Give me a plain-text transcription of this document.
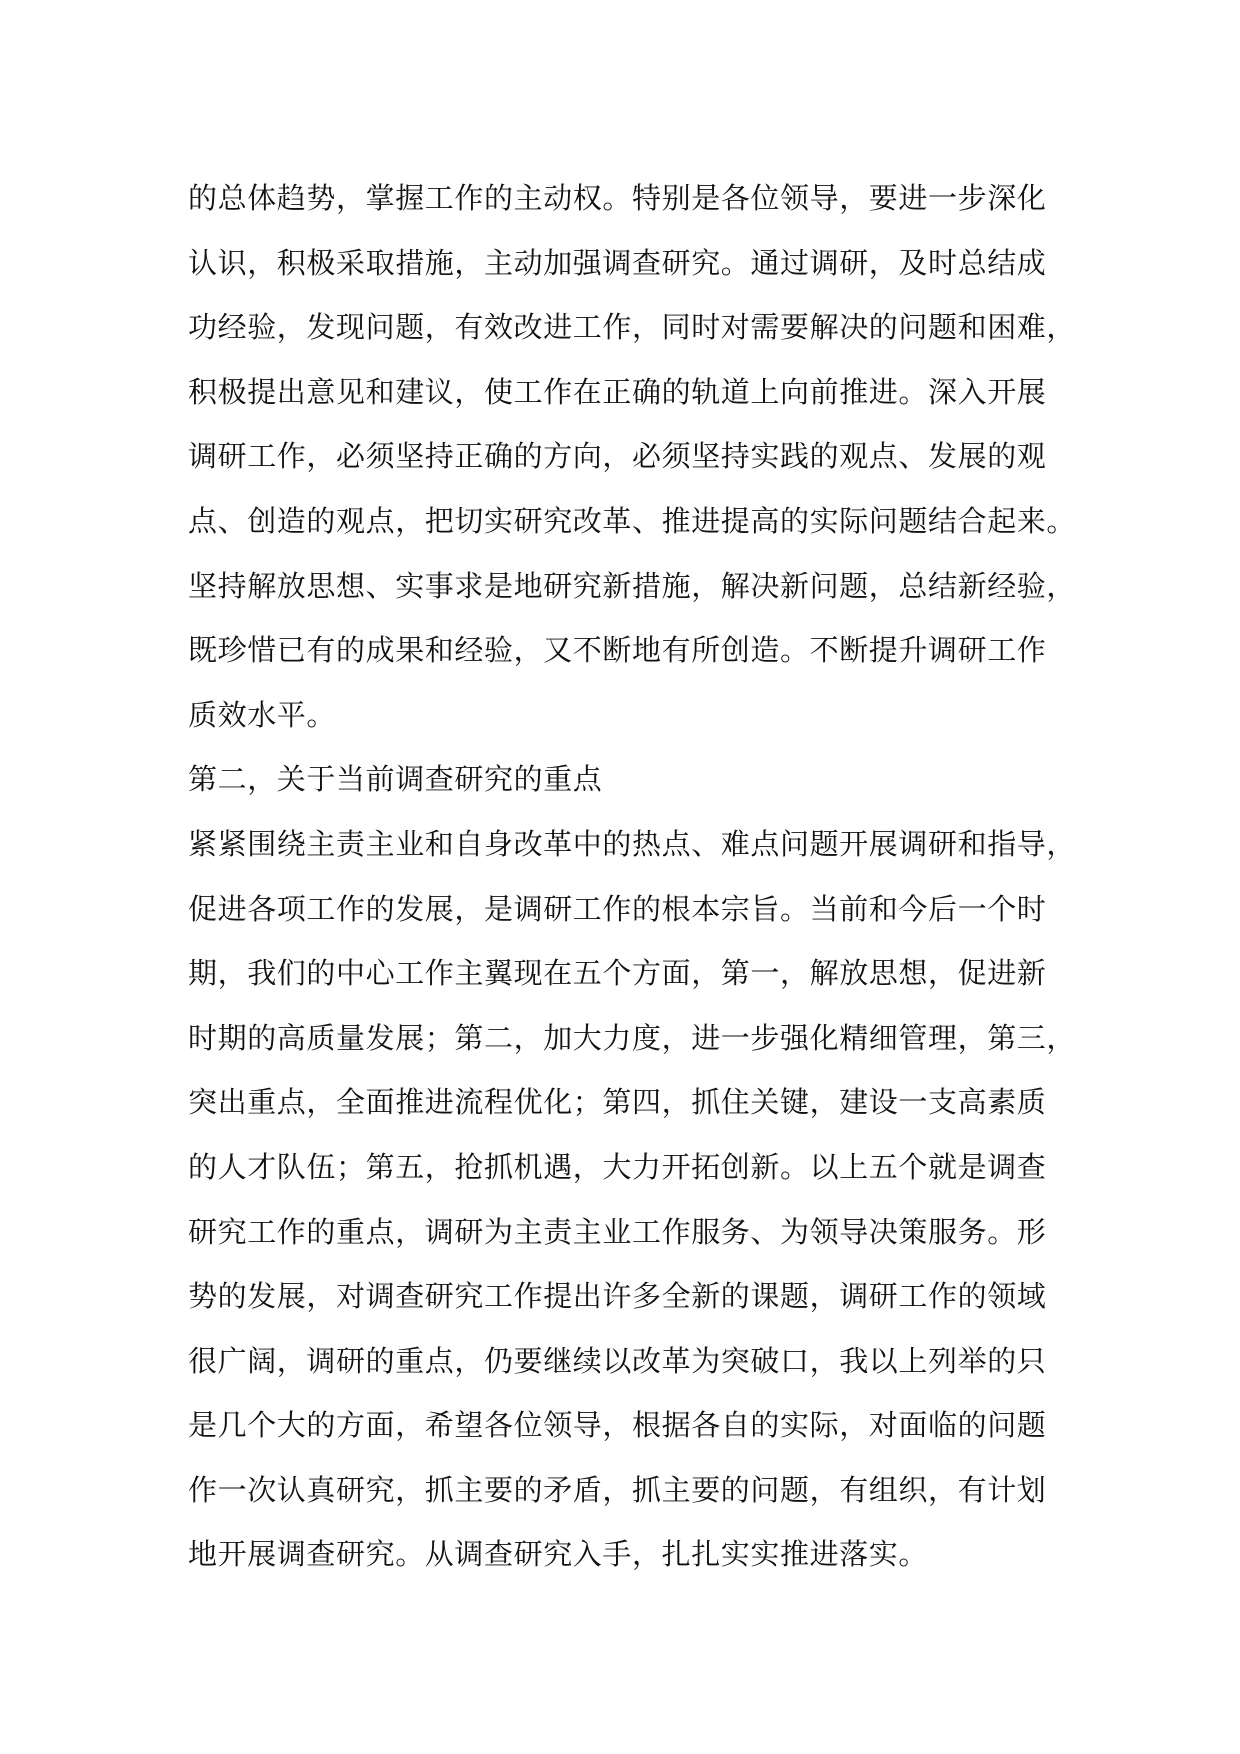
的总体趋势，掌握工作的主动权。特别是各位领导，要进一步深化
认识，积极采取措施，主动加强调查研究。通过调研，及时总结成
功经验，发现问题，有效改进工作，同时对需要解决的问题和困难，
积极提出意见和建议，使工作在正确的轨道上向前推进。深入开展
调研工作，必须坚持正确的方向，必须坚持实践的观点、发展的观
点、创造的观点，把切实研究改革、推进提高的实际问题结合起来。
坚持解放思想、实事求是地研究新措施，解决新问题，总结新经验，
既珍惜已有的成果和经验，又不断地有所创造。不断提升调研工作
质效水平。
第二，关于当前调查研究的重点
紧紧围绕主责主业和自身改革中的热点、难点问题开展调研和指导，
促进各项工作的发展，是调研工作的根本宗旨。当前和今后一个时
期，我们的中心工作主翼现在五个方面，第一，解放思想，促进新
时期的高质量发展；第二，加大力度，进一步强化精细管理，第三，
突出重点，全面推进流程优化；第四，抓住关键，建设一支高素质
的人才队伍；第五，抢抓机遇，大力开拓创新。以上五个就是调查
研究工作的重点，调研为主责主业工作服务、为领导决策服务。形
势的发展，对调查研究工作提出许多全新的课题，调研工作的领域
很广阔，调研的重点，仍要继续以改革为突破口，我以上列举的只
是几个大的方面，希望各位领导，根据各自的实际，对面临的问题
作一次认真研究，抓主要的矛盾，抓主要的问题，有组织，有计划
地开展调查研究。从调查研究入手，扎扎实实推进落实。
